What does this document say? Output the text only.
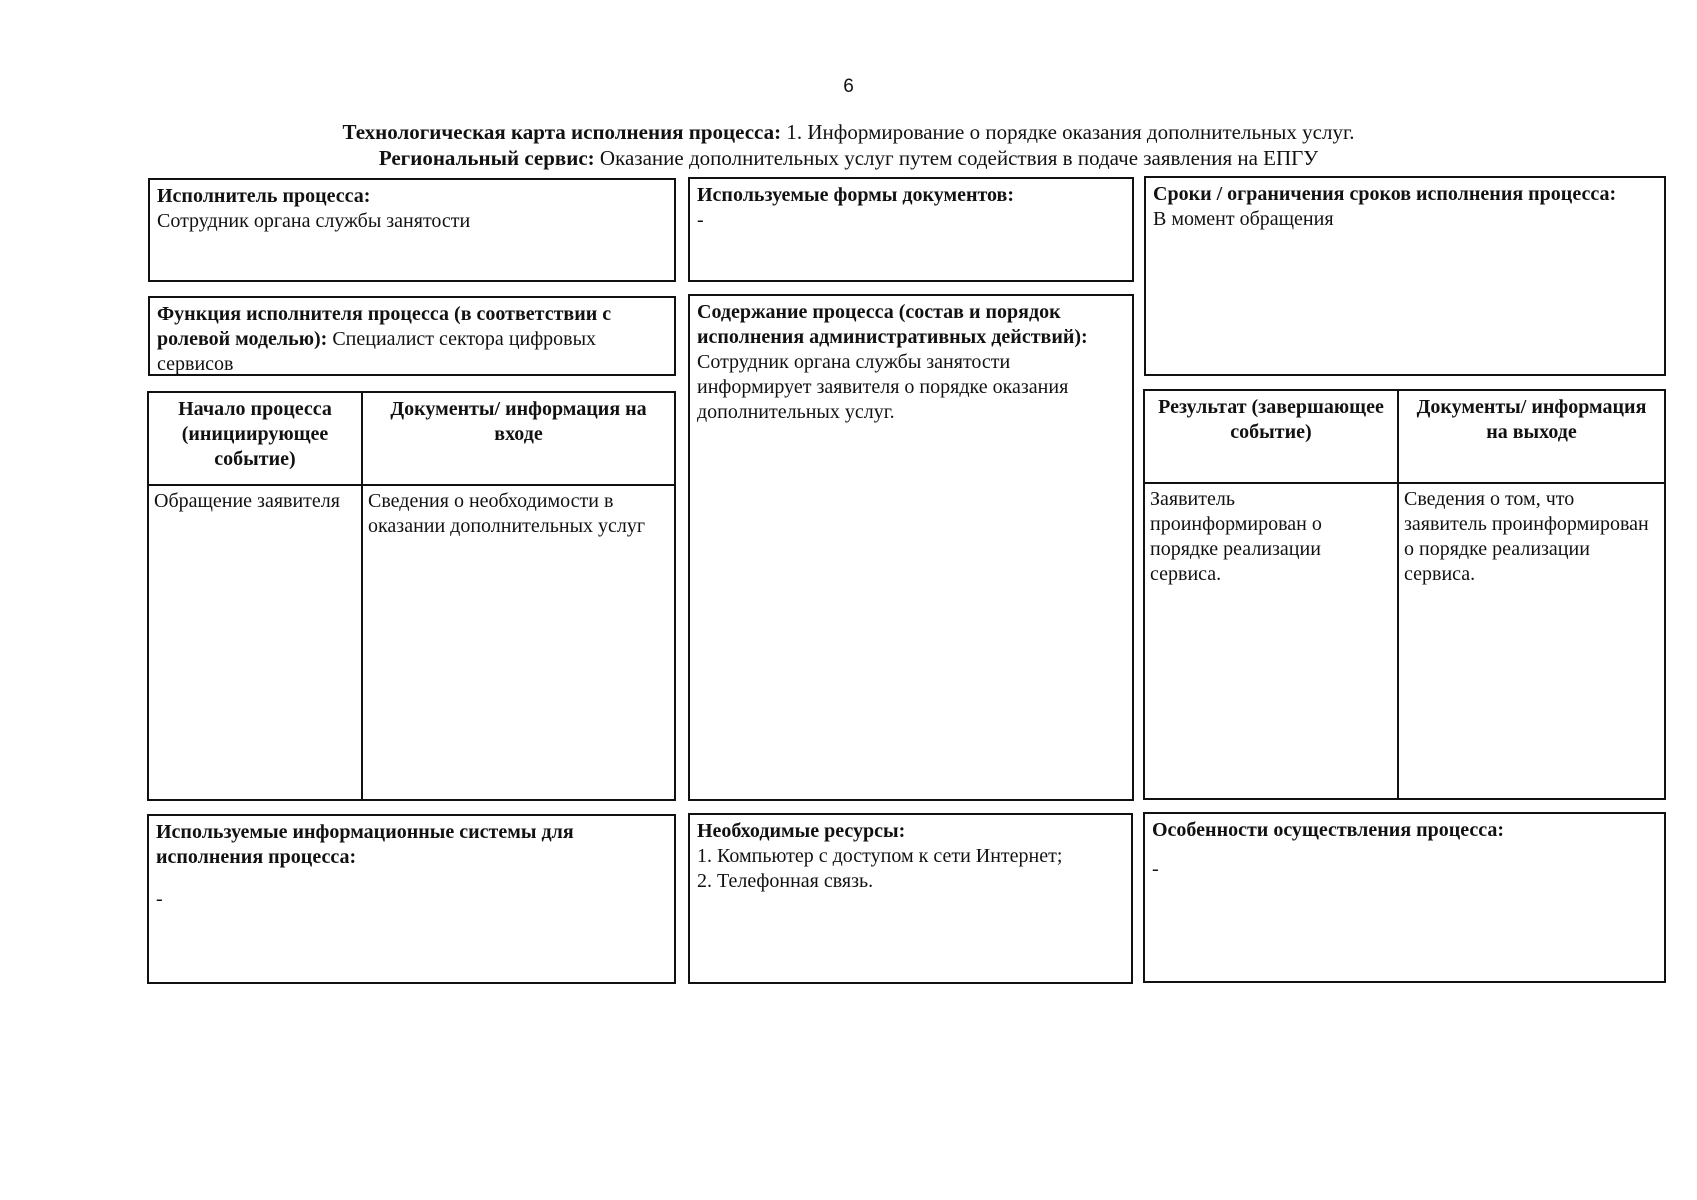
6
Технологическая карта исполнения процесса: 1. Информирование о порядке оказания дополнительных услуг.
Региональный сервис: Оказание дополнительных услуг путем содействия в подаче заявления на ЕПГУ
Исполнитель процесса:
Сотрудник органа службы занятости
Функция исполнителя процесса (в соответствии с ролевой моделью): Специалист сектора цифровых сервисов
Начало процесса (инициирующее событие)	Документы/ информация на входе
Обращение заявителя	Сведения о необходимости в оказании дополнительных услуг
Используемые формы документов:
-
Содержание процесса (состав и порядок исполнения административных действий):
Сотрудник органа службы занятости информирует заявителя о порядке оказания дополнительных услуг.
Сроки / ограничения сроков исполнения процесса:
В момент обращения
Результат (завершающее событие)	Документы/ информация на выходе
Заявитель проинформирован о порядке реализации сервиса.	Сведения о том, что заявитель проинформирован о порядке реализации сервиса.
Используемые информационные системы для исполнения процесса:
-
Необходимые ресурсы:
1. Компьютер с доступом к сети Интернет;
2. Телефонная связь.
Особенности осуществления процесса:
-
